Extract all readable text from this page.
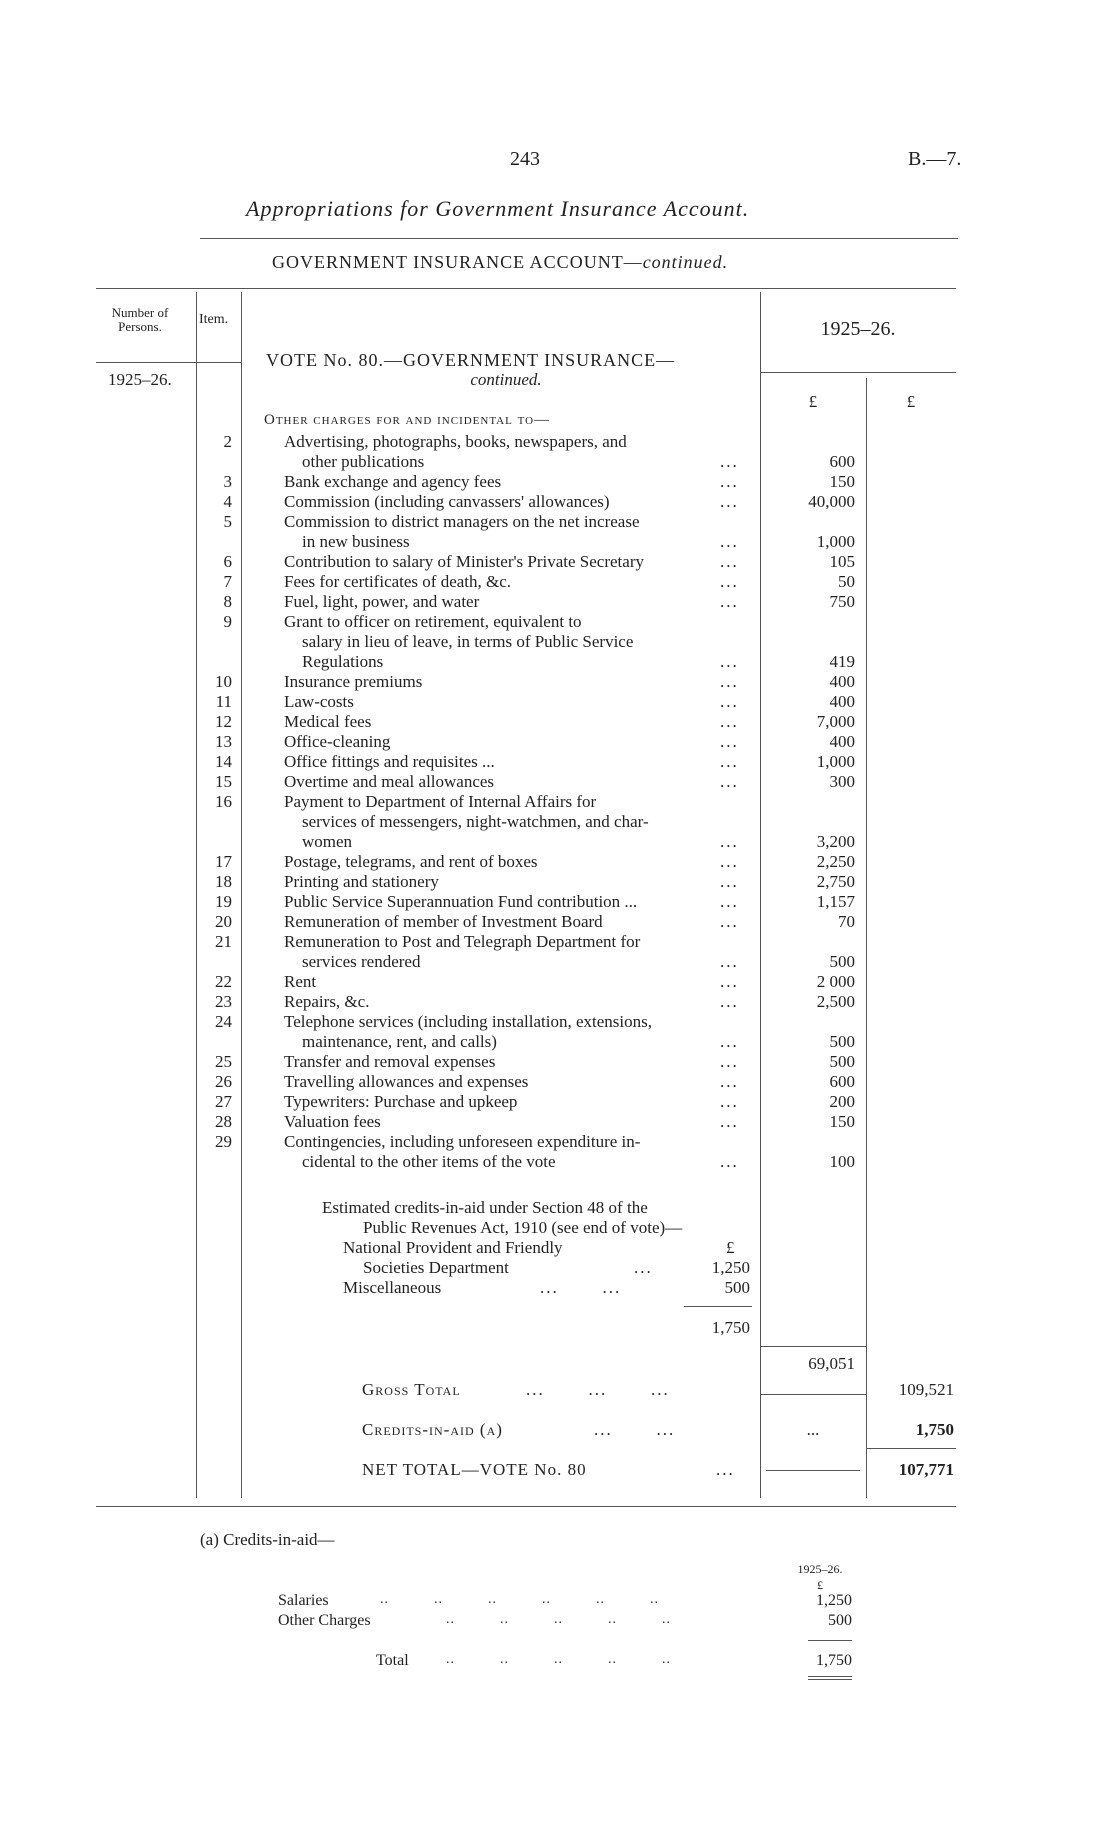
243	B.—7.
Appropriations for Government Insurance Account.
GOVERNMENT INSURANCE ACCOUNT—continued.
Number of Persons.	Item.
1925–26.
1925–26.
£	£
VOTE No. 80.—GOVERNMENT INSURANCE—
continued.
Other charges for and incidental to—
2	Advertising, photographs, books, newspapers, and
other publications	...	600
3	Bank exchange and agency fees	...	150
4	Commission (including canvassers' allowances)	...	40,000
5	Commission to district managers on the net increase
in new business	...	1,000
6	Contribution to salary of Minister's Private Secretary	...	105
7	Fees for certificates of death, &c.	...	50
8	Fuel, light, power, and water	...	750
9	Grant to officer on retirement, equivalent to
salary in lieu of leave, in terms of Public Service
Regulations	...	419
10	Insurance premiums	...	400
11	Law-costs	...	400
12	Medical fees	...	7,000
13	Office-cleaning	...	400
14	Office fittings and requisites ...	...	1,000
15	Overtime and meal allowances	...	300
16	Payment to Department of Internal Affairs for
services of messengers, night-watchmen, and char-
women	...	3,200
17	Postage, telegrams, and rent of boxes	...	2,250
18	Printing and stationery	...	2,750
19	Public Service Superannuation Fund contribution ...	...	1,157
20	Remuneration of member of Investment Board	...	70
21	Remuneration to Post and Telegraph Department for
services rendered	...	500
22	Rent	...	2 000
23	Repairs, &c.	...	2,500
24	Telephone services (including installation, extensions,
maintenance, rent, and calls)	...	500
25	Transfer and removal expenses	...	500
26	Travelling allowances and expenses	...	600
27	Typewriters: Purchase and upkeep	...	200
28	Valuation fees	...	150
29	Contingencies, including unforeseen expenditure in-
cidental to the other items of the vote	...	100
Estimated credits-in-aid under Section 48 of the
Public Revenues Act, 1910 (see end of vote)—
National Provident and Friendly	£
Societies Department	...	1,250
Miscellaneous	...       ...	500
1,750
69,051
Gross Total	...       ...       ...	109,521
Credits-in-aid (a)	...       ...	...	1,750
NET TOTAL—VOTE No. 80	...	107,771
(a) Credits-in-aid—
1925–26.
£
Salaries	..          ..          ..          ..          ..          ..	1,250
Other Charges	..          ..          ..          ..          ..	500
Total	..          ..          ..          ..          ..	1,750
